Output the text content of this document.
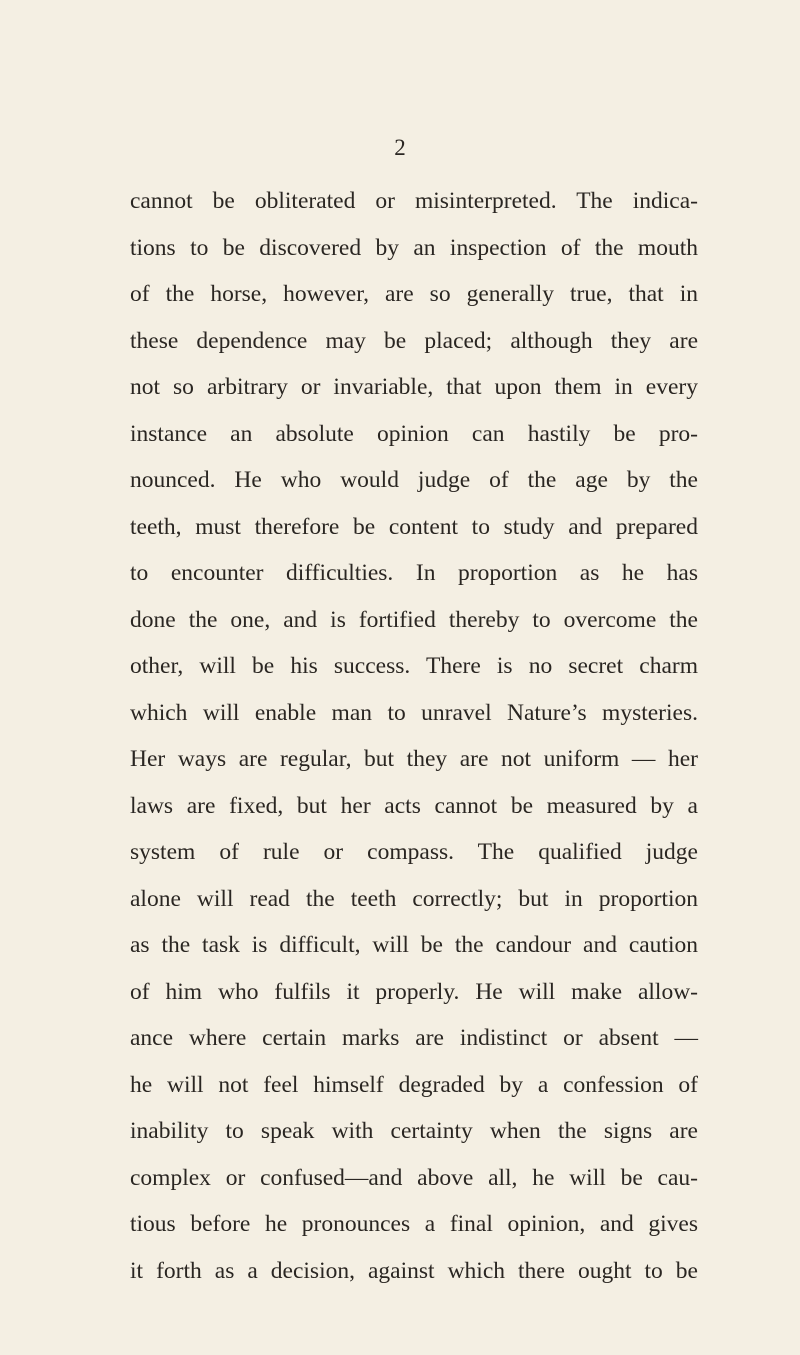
2
cannot be obliterated or misinterpreted. The indica-
tions to be discovered by an inspection of the mouth
of the horse, however, are so generally true, that in
these dependence may be placed; although they are
not so arbitrary or invariable, that upon them in every
instance an absolute opinion can hastily be pro-
nounced. He who would judge of the age by the
teeth, must therefore be content to study and prepared
to encounter difficulties. In proportion as he has
done the one, and is fortified thereby to overcome the
other, will be his success. There is no secret charm
which will enable man to unravel Nature’s mysteries.
Her ways are regular, but they are not uniform — her
laws are fixed, but her acts cannot be measured by a
system of rule or compass. The qualified judge
alone will read the teeth correctly; but in proportion
as the task is difficult, will be the candour and caution
of him who fulfils it properly. He will make allow-
ance where certain marks are indistinct or absent —
he will not feel himself degraded by a confession of
inability to speak with certainty when the signs are
complex or confused—and above all, he will be cau-
tious before he pronounces a final opinion, and gives
it forth as a decision, against which there ought to be
